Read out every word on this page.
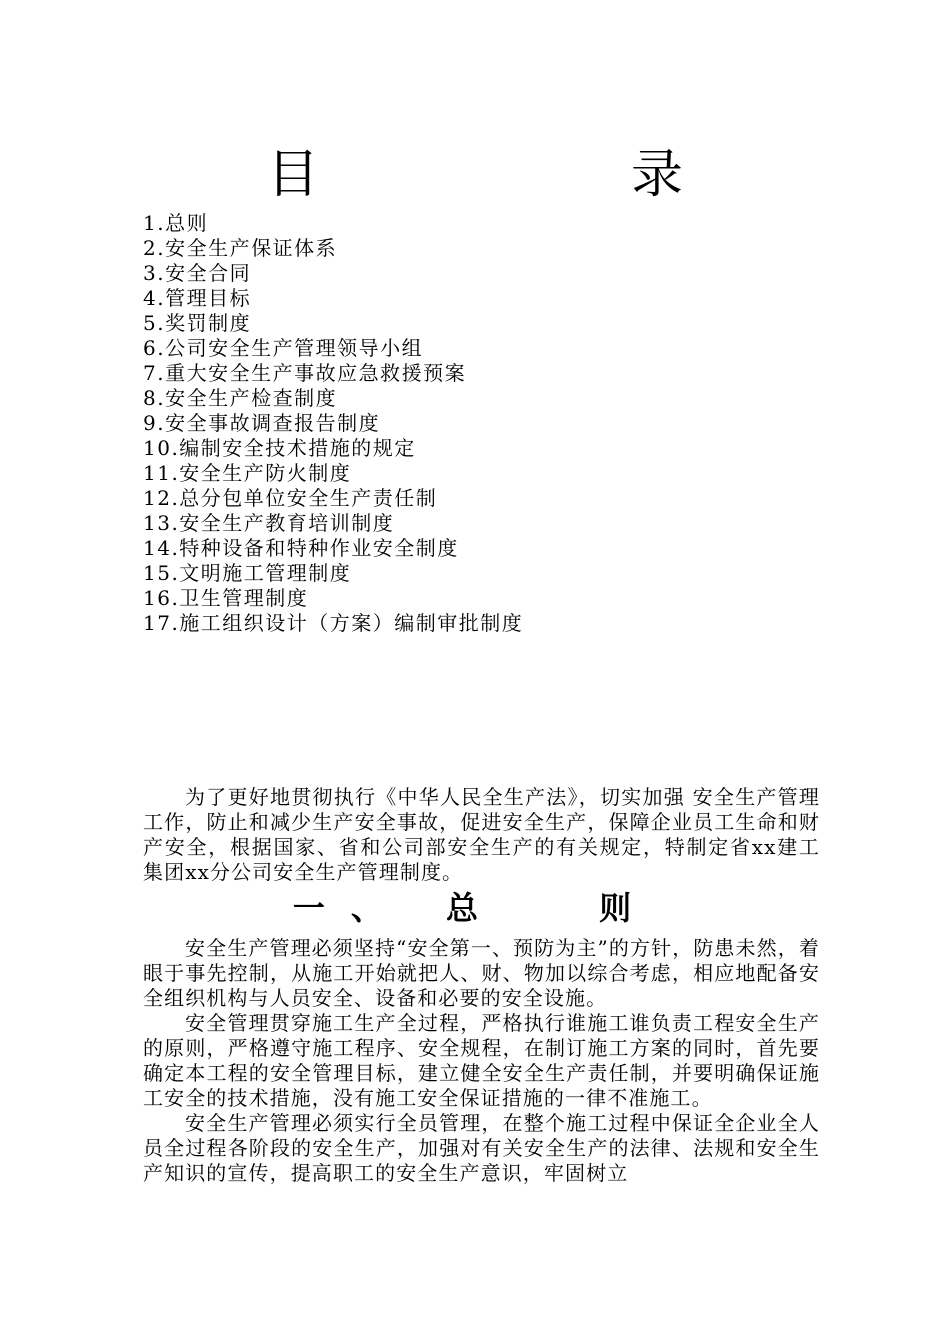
目　录
1.总则
2.安全生产保证体系
3.安全合同
4.管理目标
5.奖罚制度
6.公司安全生产管理领导小组
7.重大安全生产事故应急救援预案
8.安全生产检查制度
9.安全事故调查报告制度
10.编制安全技术措施的规定
11.安全生产防火制度
12.总分包单位安全生产责任制
13.安全生产教育培训制度
14.特种设备和特种作业安全制度
15.文明施工管理制度
16.卫生管理制度
17.施工组织设计（方案）编制审批制度

为了更好地贯彻执行《中华人民全生产法》，切实加强 安全生产管理工作，防止和减少生产安全事故，促进安全生产，保障企业员工生命和财产安全，根据国家、省和公司部安全生产的有关规定，特制定省xx建工集团xx分公司安全生产管理制度。

一、 总　 则

安全生产管理必须坚持“安全第一、预防为主”的方针，防患未然，着眼于事先控制，从施工开始就把人、财、物加以综合考虑，相应地配备安全组织机构与人员安全、设备和必要的安全设施。

安全管理贯穿施工生产全过程，严格执行谁施工谁负责工程安全生产的原则，严格遵守施工程序、安全规程，在制订施工方案的同时，首先要确定本工程的安全管理目标，建立健全安全生产责任制，并要明确保证施工安全的技术措施，没有施工安全保证措施的一律不准施工。

安全生产管理必须实行全员管理，在整个施工过程中保证全企业全人员全过程各阶段的安全生产，加强对有关安全生产的法律、法规和安全生产知识的宣传，提高职工的安全生产意识，牢固树立
